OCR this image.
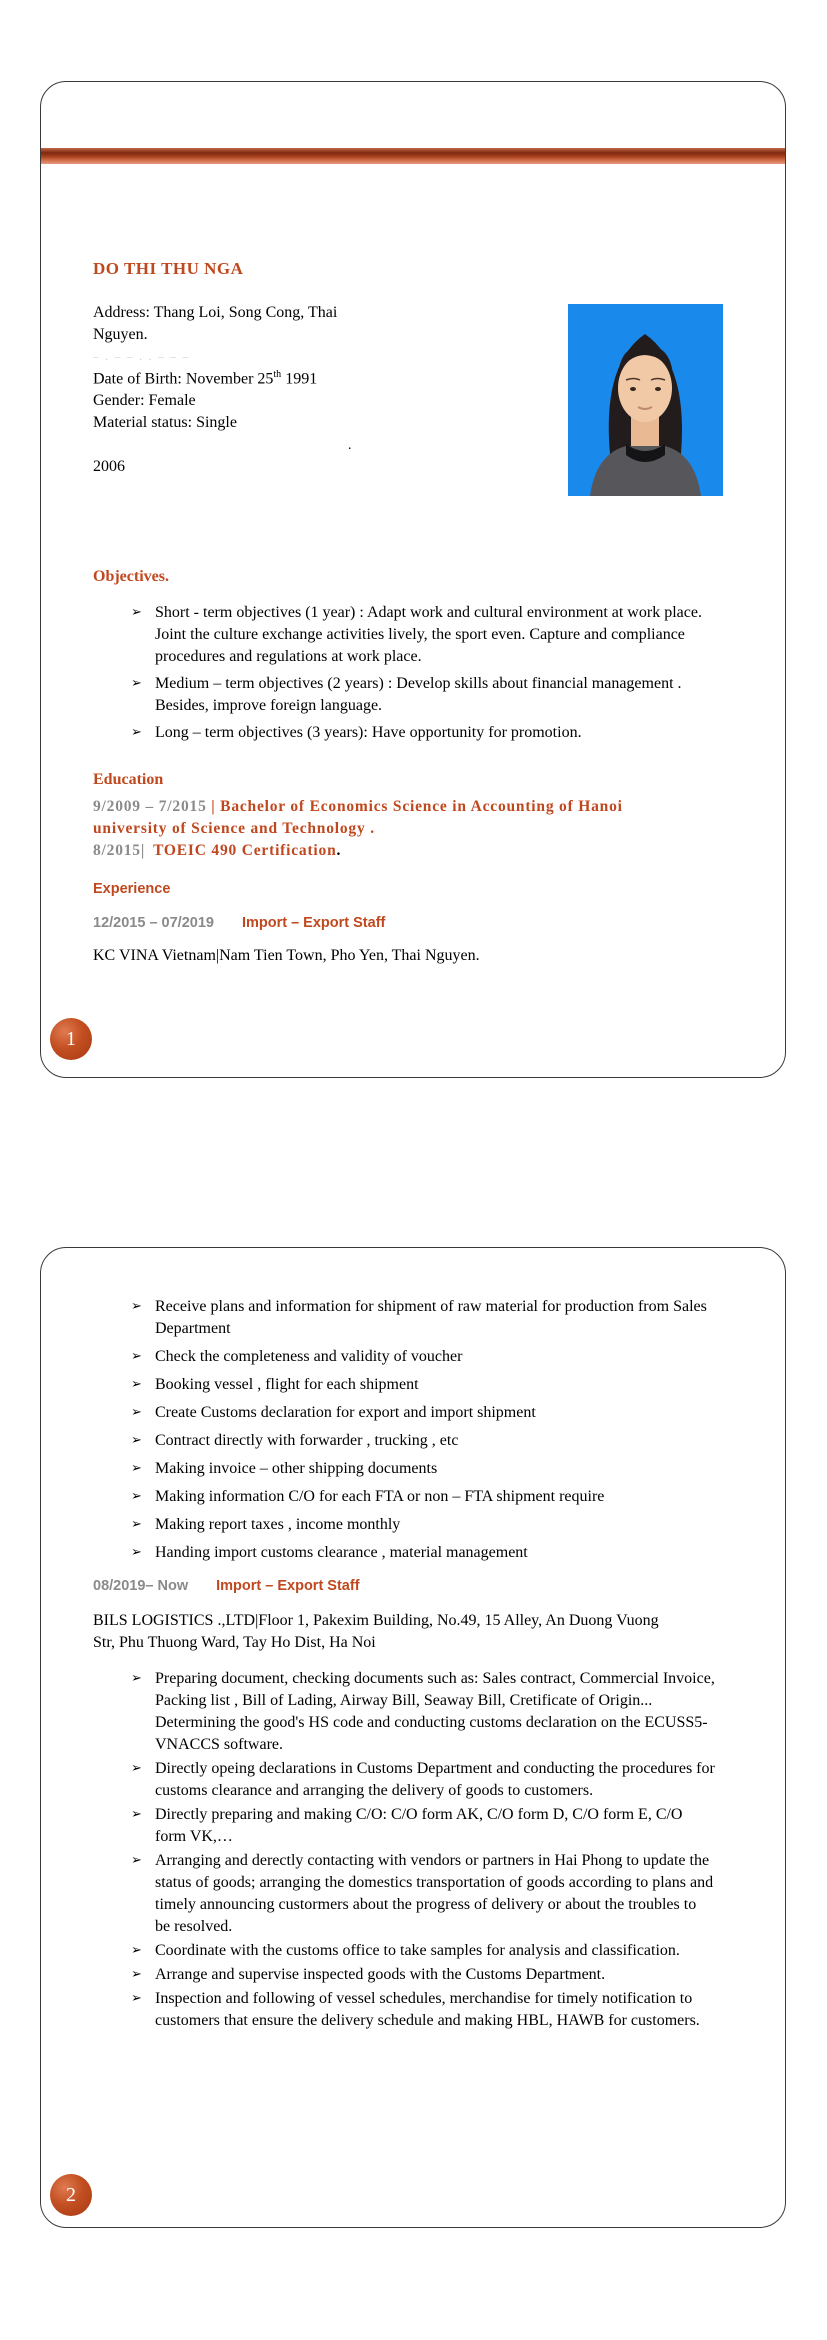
DO THI THU NGA
Address: Thang Loi, Song Cong, Thai
Nguyen.
– . – – . . – – –
Date of Birth: November 25th 1991
Gender: Female
Material status: Single
.
2006
Objectives.
➢ Short - term objectives (1 year) : Adapt work and cultural environment at work place. Joint the culture exchange activities lively, the sport even. Capture and compliance procedures and regulations at work place.
➢ Medium – term objectives (2 years) : Develop skills about financial management . Besides, improve foreign language.
➢ Long – term objectives (3 years): Have opportunity for promotion.
Education
9/2009 – 7/2015 | Bachelor of Economics Science in Accounting of Hanoi university of Science and Technology .
8/2015| TOEIC 490 Certification.
Experience
12/2015 – 07/2019 Import – Export Staff
KC VINA Vietnam|Nam Tien Town, Pho Yen, Thai Nguyen.
1
➢ Receive plans and information for shipment of raw material for production from Sales Department
➢ Check the completeness and validity of voucher
➢ Booking vessel , flight for each shipment
➢ Create Customs declaration for export and import shipment
➢ Contract directly with forwarder , trucking , etc
➢ Making invoice – other shipping documents
➢ Making information C/O for each FTA or non – FTA shipment require
➢ Making report taxes , income monthly
➢ Handing import customs clearance , material management
08/2019– Now Import – Export Staff
BILS LOGISTICS .,LTD|Floor 1, Pakexim Building, No.49, 15 Alley, An Duong Vuong Str, Phu Thuong Ward, Tay Ho Dist, Ha Noi
➢ Preparing document, checking documents such as: Sales contract, Commercial Invoice, Packing list , Bill of Lading, Airway Bill, Seaway Bill, Cretificate of Origin... Determining the good's HS code and conducting customs declaration on the ECUSS5-VNACCS software.
➢ Directly opeing declarations in Customs Department and conducting the procedures for customs clearance and arranging the delivery of goods to customers.
➢ Directly preparing and making C/O: C/O form AK, C/O form D, C/O form E, C/O form VK,…
➢ Arranging and derectly contacting with vendors or partners in Hai Phong to update the status of goods; arranging the domestics transportation of goods according to plans and timely announcing custormers about the progress of delivery or about the troubles to be resolved.
➢ Coordinate with the customs office to take samples for analysis and classification.
➢ Arrange and supervise inspected goods with the Customs Department.
➢ Inspection and following of vessel schedules, merchandise for timely notification to customers that ensure the delivery schedule and making HBL, HAWB for customers.
2
